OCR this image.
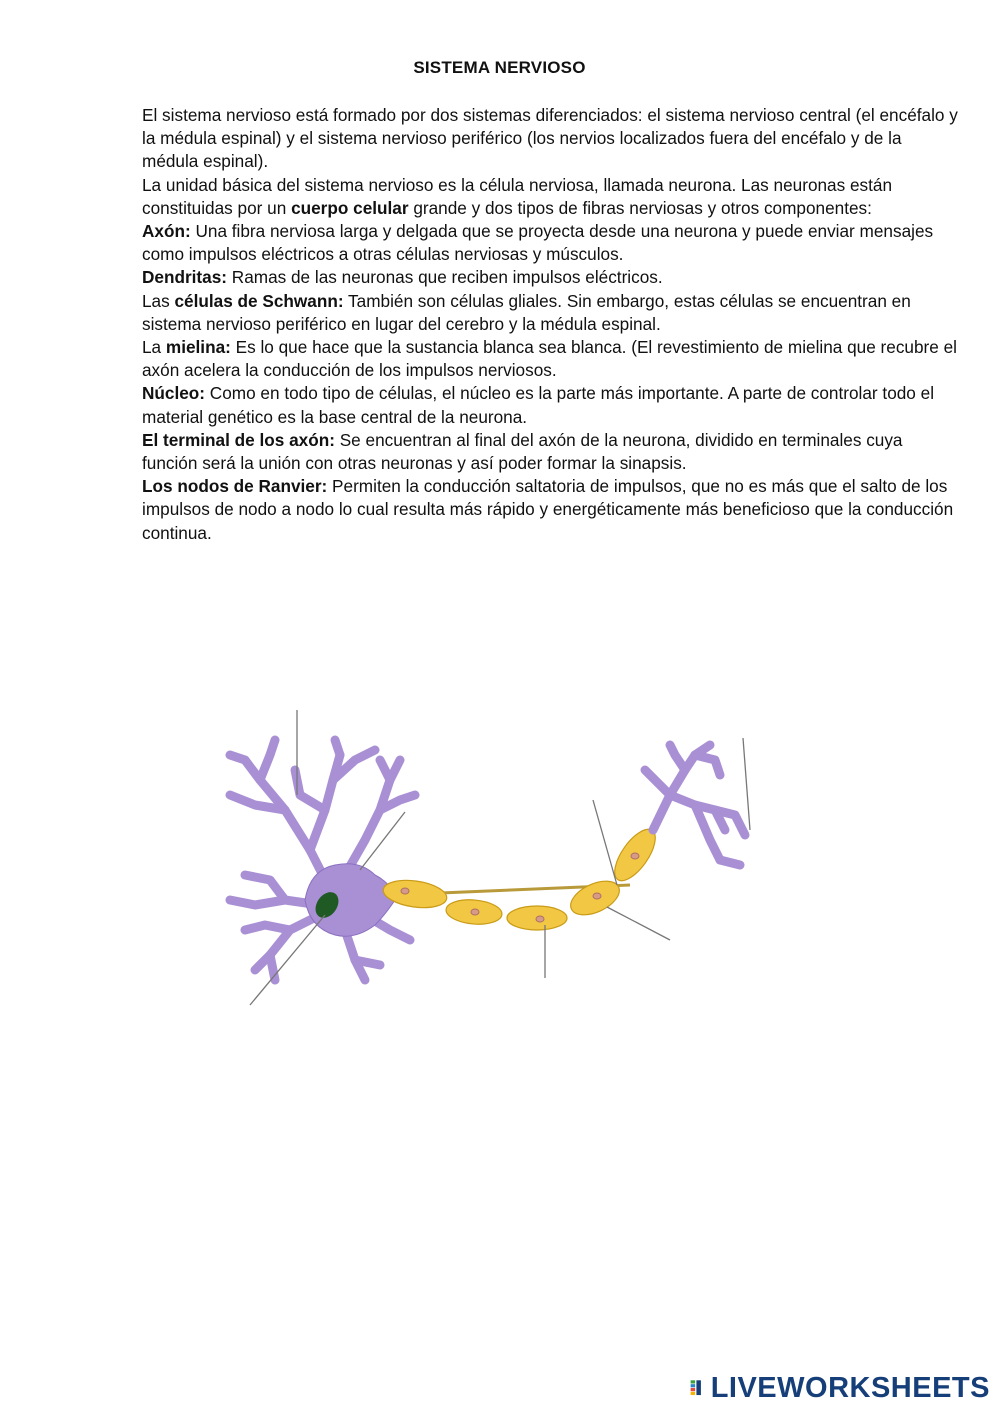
SISTEMA NERVIOSO

El sistema nervioso está formado por dos sistemas diferenciados: el sistema nervioso central (el encéfalo y la médula espinal) y el sistema nervioso periférico (los nervios localizados fuera del encéfalo y de la médula espinal).

La unidad básica del sistema nervioso es la célula nerviosa, llamada neurona. Las neuronas están constituidas por un cuerpo celular grande y dos tipos de fibras nerviosas y otros componentes:

Axón: Una fibra nerviosa larga y delgada que se proyecta desde una neurona y puede enviar mensajes como impulsos eléctricos a otras células nerviosas y músculos.

Dendritas: Ramas de las neuronas que reciben impulsos eléctricos.

Las células de Schwann: También son células gliales. Sin embargo, estas células se encuentran en sistema nervioso periférico en lugar del cerebro y la médula espinal.

La mielina: Es lo que hace que la sustancia blanca sea blanca. (El revestimiento de mielina que recubre el axón acelera la conducción de los impulsos nerviosos.

Núcleo: Como en todo tipo de células, el núcleo es la parte más importante. A parte de controlar todo el material genético es la base central de la neurona.

El terminal de los axón: Se encuentran al final del axón de la neurona, dividido en terminales cuya función será la unión con otras neuronas y así poder formar la sinapsis.

Los nodos de Ranvier: Permiten la conducción saltatoria de impulsos, que no es más que el salto de los impulsos de nodo a nodo lo cual resulta más rápido y energéticamente más beneficioso que la conducción continua.

LIVEWORKSHEETS
